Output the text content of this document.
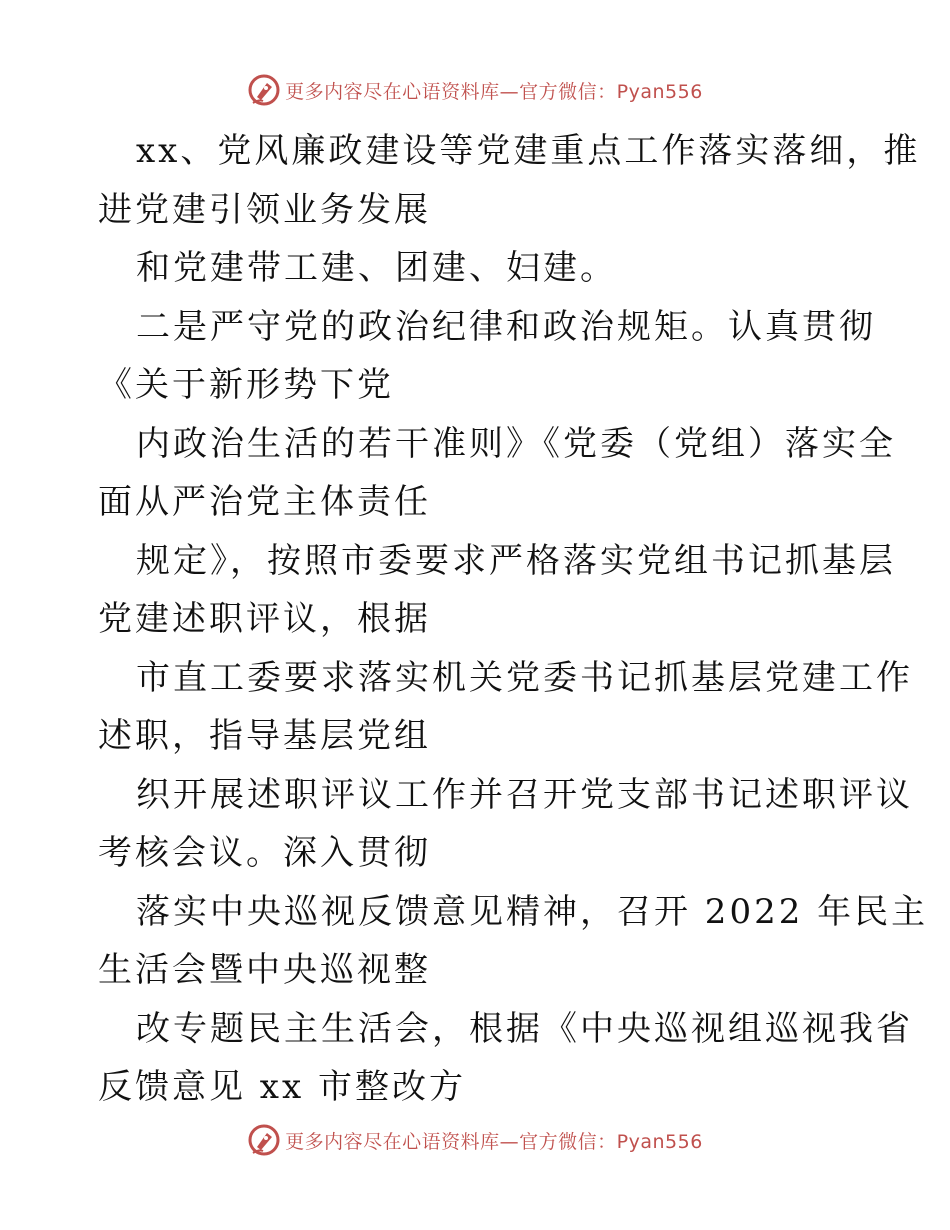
更多内容尽在心语资料库—官方微信：Pyan556
xx、党风廉政建设等党建重点工作落实落细，推
进党建引领业务发展
和党建带工建、团建、妇建。
二是严守党的政治纪律和政治规矩。认真贯彻
《关于新形势下党
内政治生活的若干准则》《党委（党组）落实全
面从严治党主体责任
规定》，按照市委要求严格落实党组书记抓基层
党建述职评议，根据
市直工委要求落实机关党委书记抓基层党建工作
述职，指导基层党组
织开展述职评议工作并召开党支部书记述职评议
考核会议。深入贯彻
落实中央巡视反馈意见精神，召开 2022 年民主
生活会暨中央巡视整
改专题民主生活会，根据《中央巡视组巡视我省
反馈意见 xx 市整改方
更多内容尽在心语资料库—官方微信：Pyan556
